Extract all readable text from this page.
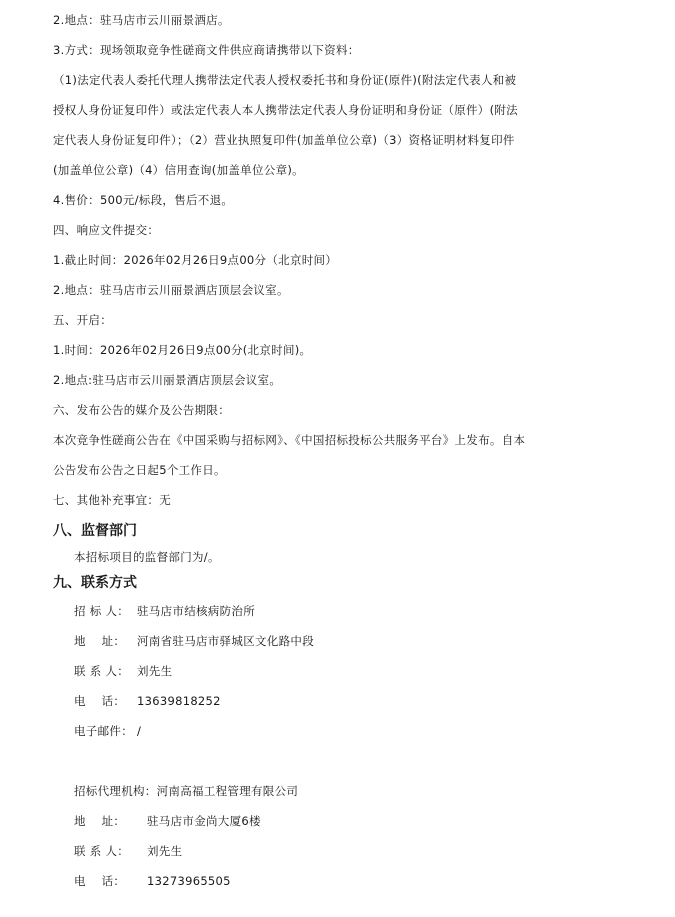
2.地点：驻马店市云川丽景酒店。
3.方式：现场领取竞争性磋商文件供应商请携带以下资料：
（1)法定代表人委托代理人携带法定代表人授权委托书和身份证(原件)(附法定代表人和被
授权人身份证复印件）或法定代表人本人携带法定代表人身份证明和身份证（原件）(附法
定代表人身份证复印件）；（2）营业执照复印件(加盖单位公章)（3）资格证明材料复印件
(加盖单位公章)（4）信用查询(加盖单位公章)。
4.售价：500元/标段，售后不退。
四、响应文件提交：
1.截止时间：2026年02月26日9点00分（北京时间）
2.地点：驻马店市云川丽景酒店顶层会议室。
五、开启：
1.时间：2026年02月26日9点00分(北京时间)。
2.地点:驻马店市云川丽景酒店顶层会议室。
六、发布公告的媒介及公告期限：
本次竞争性磋商公告在《中国采购与招标网》、《中国招标投标公共服务平台》上发布。自本
公告发布公告之日起5个工作日。
七、其他补充事宜：无
八、监督部门
本招标项目的监督部门为/。
九、联系方式
招 标 人： 驻马店市结核病防治所
地    址： 河南省驻马店市驿城区文化路中段
联 系 人： 刘先生
电    话： 13639818252
电子邮件： /
招标代理机构：河南高福工程管理有限公司
地    址： 驻马店市金尚大厦6楼
联 系 人： 刘先生
电    话： 13273965505
